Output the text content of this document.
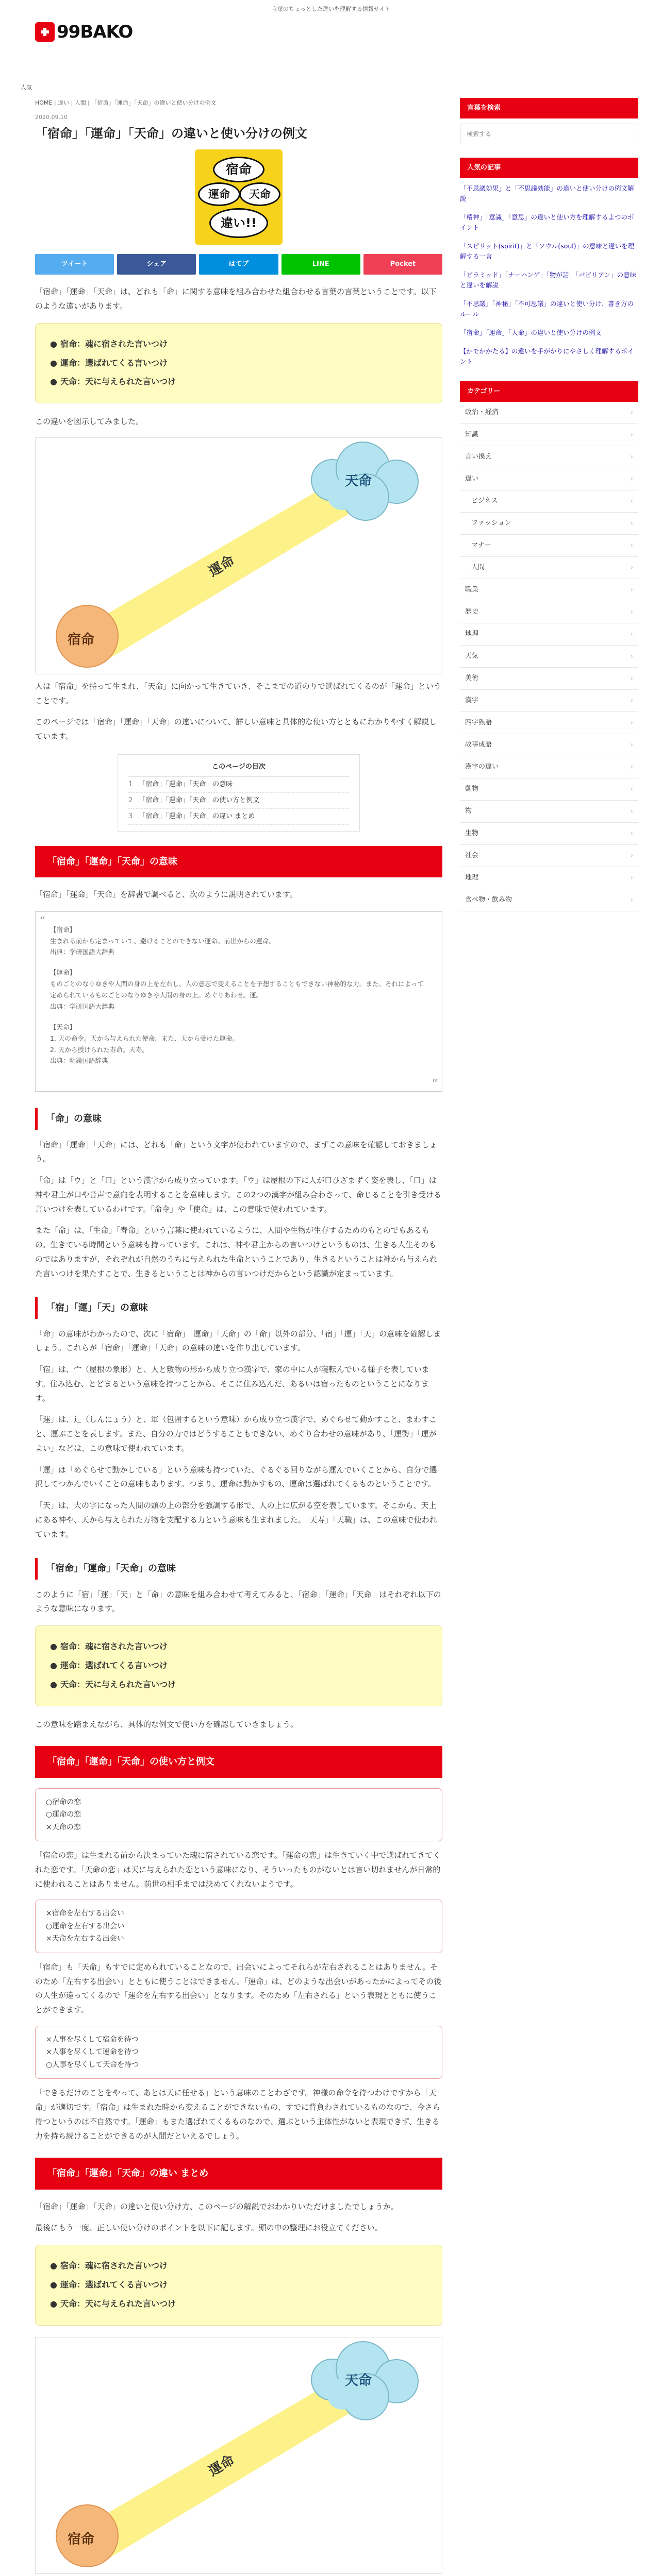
言葉のちょっとした違いを理解する情報サイト
99BAKO
人気
HOME | 違い | 人間 | 「宿命」「運命」「天命」の違いと使い分けの例文
2020.09.10
「宿命」「運命」「天命」の違いと使い分けの例文
宿命
運命	天命
違い!!
ツイート	シェア	はてブ	LINE	Pocket

「宿命」「運命」「天命」は、どれも「命」に関する意味を組み合わせた組合わせる言葉の言葉ということです。以下のような違いがあります。

● 宿命：魂に宿された言いつけ
● 運命：選ばれてくる言いつけ
● 天命：天に与えられた言いつけ

この違いを図示してみました。

天命
運命
宿命

人は「宿命」を持って生まれ、「天命」に向かって生きていき、そこまでの道のりで選ばれてくるのが「運命」ということです。

このページでは「宿命」「運命」「天命」の違いについて、詳しい意味と具体的な使い方とともにわかりやすく解説しています。

このページの目次
1 「宿命」「運命」「天命」の意味
2 「宿命」「運命」「天命」の使い方と例文
3 「宿命」「運命」「天命」の違い まとめ
「宿命」「運命」「天命」の意味

「宿命」「運命」「天命」を辞書で調べると、次のように説明されています。

“

【宿命】
生まれる前から定まっていて、避けることのできない運命。前世からの運命。
出典：学研国語大辞典

【運命】
ものごとのなりゆきや人間の身の上を左右し、人の意志で変えることを予想することもできない神秘的な力。また、それによって定められているものごとのなりゆきや人間の身の上。めぐりあわせ。運。
出典：学研国語大辞典

【天命】
1. 天の命令。天から与えられた使命。また、天から受けた運命。
2. 天から授けられた寿命。天寿。
出典：明鏡国語辞典

”
「命」の意味

「宿命」「運命」「天命」には、どれも「命」という文字が使われていますので、まずこの意味を確認しておきましょう。

「命」は「ウ」と「口」という漢字から成り立っています。「ウ」は屋根の下に人が口ひざまずく姿を表し、「口」は神や君主が口や音声で意向を表明することを意味します。この2つの漢字が組み合わさって、命じることを引き受ける言いつけを表しているわけです。「命令」や「使命」は、この意味で使われています。

また「命」は、「生命」「寿命」という言葉に使われているように、人間や生物が生存するためのもとのでもあるもの。生きている時間という意味も持っています。これは、神や君主からの言いつけというものは、生きる人生そのものではありますが、それぞれが自然のうちに与えられた生命ということであり、生きるということは神から与えられた言いつけを果たすことで、生きるということは神からの言いつけだからという認識が定まっています。

「宿」「運」「天」の意味

「命」の意味がわかったので、次に「宿命」「運命」「天命」の「命」以外の部分、「宿」「運」「天」の意味を確認しましょう。これらが「宿命」「運命」「天命」の意味の違いを作り出しています。

「宿」は、宀（屋根の象形）と、人と敷物の形から成り立つ漢字で、家の中に人が寝転んでいる様子を表しています。住み込む、とどまるという意味を持つことから、そこに住み込んだ、あるいは宿ったものということになります。

「運」は、辶（しんにょう）と、軍（包囲するという意味）から成り立つ漢字で、めぐらせて動かすこと、まわすこと、運ぶことを表します。また、自分の力ではどうすることもできない、めぐり合わせの意味があり、「運勢」「運がよい」などは、この意味で使われています。

「運」は「めぐらせて動かしている」という意味も持つていた、ぐるぐる回りながら運んでいくことから、自分で選択してつかんでいくことの意味もあります。つまり、運命は動かすもの、運命は選ばれてくるものということです。

「天」は、大の字になった人間の頭の上の部分を強調する形で、人の上に広がる空を表しています。そこから、天上にある神や、天から与えられた万物を支配する力という意味も生まれました。「天寿」「天職」は、この意味で使われています。

「宿命」「運命」「天命」の意味

このように「宿」「運」「天」と「命」の意味を組み合わせて考えてみると、「宿命」「運命」「天命」はそれぞれ以下のような意味になります。

● 宿命：魂に宿された言いつけ
● 運命：選ばれてくる言いつけ
● 天命：天に与えられた言いつけ

この意味を踏まえながら、具体的な例文で使い方を確認していきましょう。

「宿命」「運命」「天命」の使い方と例文
○宿命の恋
○運命の恋
×天命の恋

「宿命の恋」は生まれる前から決まっていた魂に宿されている恋です。「運命の恋」は生きていく中で選ばれてきてくれた恋です。「天命の恋」は天に与えられた恋という意味になり、そういったものがないとは言い切れませんが日常的に使われることはありません。前世の相手までは決めてくれないようです。

×宿命を左右する出会い
○運命を左右する出会い
×天命を左右する出会い

「宿命」も「天命」もすでに定められていることなので、出会いによってそれらが左右されることはありません。そのため「左右する出会い」とともに使うことはできません。「運命」は、どのような出会いがあったかによってその後の人生が違ってくるので「運命を左右する出会い」となります。そのため「左右される」という表現とともに使うことができます。

×人事を尽くして宿命を待つ
×人事を尽くして運命を待つ
○人事を尽くして天命を待つ

「できるだけのことをやって、あとは天に任せる」という意味のことわざです。神様の命令を待つわけですから「天命」が適切です。「宿命」は生まれた時から変えることができないもの、すでに背負わされているものなので、今さら待つというのは不自然です。「運命」もまた選ばれてくるものなので、選ぶという主体性がないと表現できず、生きる力を持ち続けることができるのが人間だといえるでしょう。

「宿命」「運命」「天命」の違い まとめ

「宿命」「運命」「天命」の違いと使い分け方、このページの解説でおわかりいただけましたでしょうか。

最後にもう一度、正しい使い分けのポイントを以下に記します。頭の中の整理にお役立てください。

● 宿命：魂に宿された言いつけ
● 運命：選ばれてくる言いつけ
● 天命：天に与えられた言いつけ
天命
運命
宿命

言葉を検索
検索する
人気の記事
「不思議効果」と「不思議効能」の違いと使い分けの例文解説
「精神」「意識」「意思」の違いと使い方を理解するよつのポイント
「スピリット(spirit)」と「ソウル(soul)」の意味と違いを理解する一言
「ピラミッド」「ナーハンゲ」「物が話」「パビリアン」の意味と違いを解説
「不思議」「神秘」「不可思議」の違いと使い分け、書き方のルール
「宿命」「運命」「天命」の違いと使い分けの例文
【かでかかたる】の違いを手がかりにやさしく理解するポイント
カテゴリー
政治・経済	›
知識	›
言い換え	›
違い	›
ビジネス	›
ファッション	›
マナー	›
人間	›
職業	›
歴史	›
地理	›
天気	›
美術	›
漢字	›
四字熟語	›
故事成語	›
漢字の違い	›
動物	›
物	›
生物	›
社会	›
地理	›
食べ物・飲み物	›
